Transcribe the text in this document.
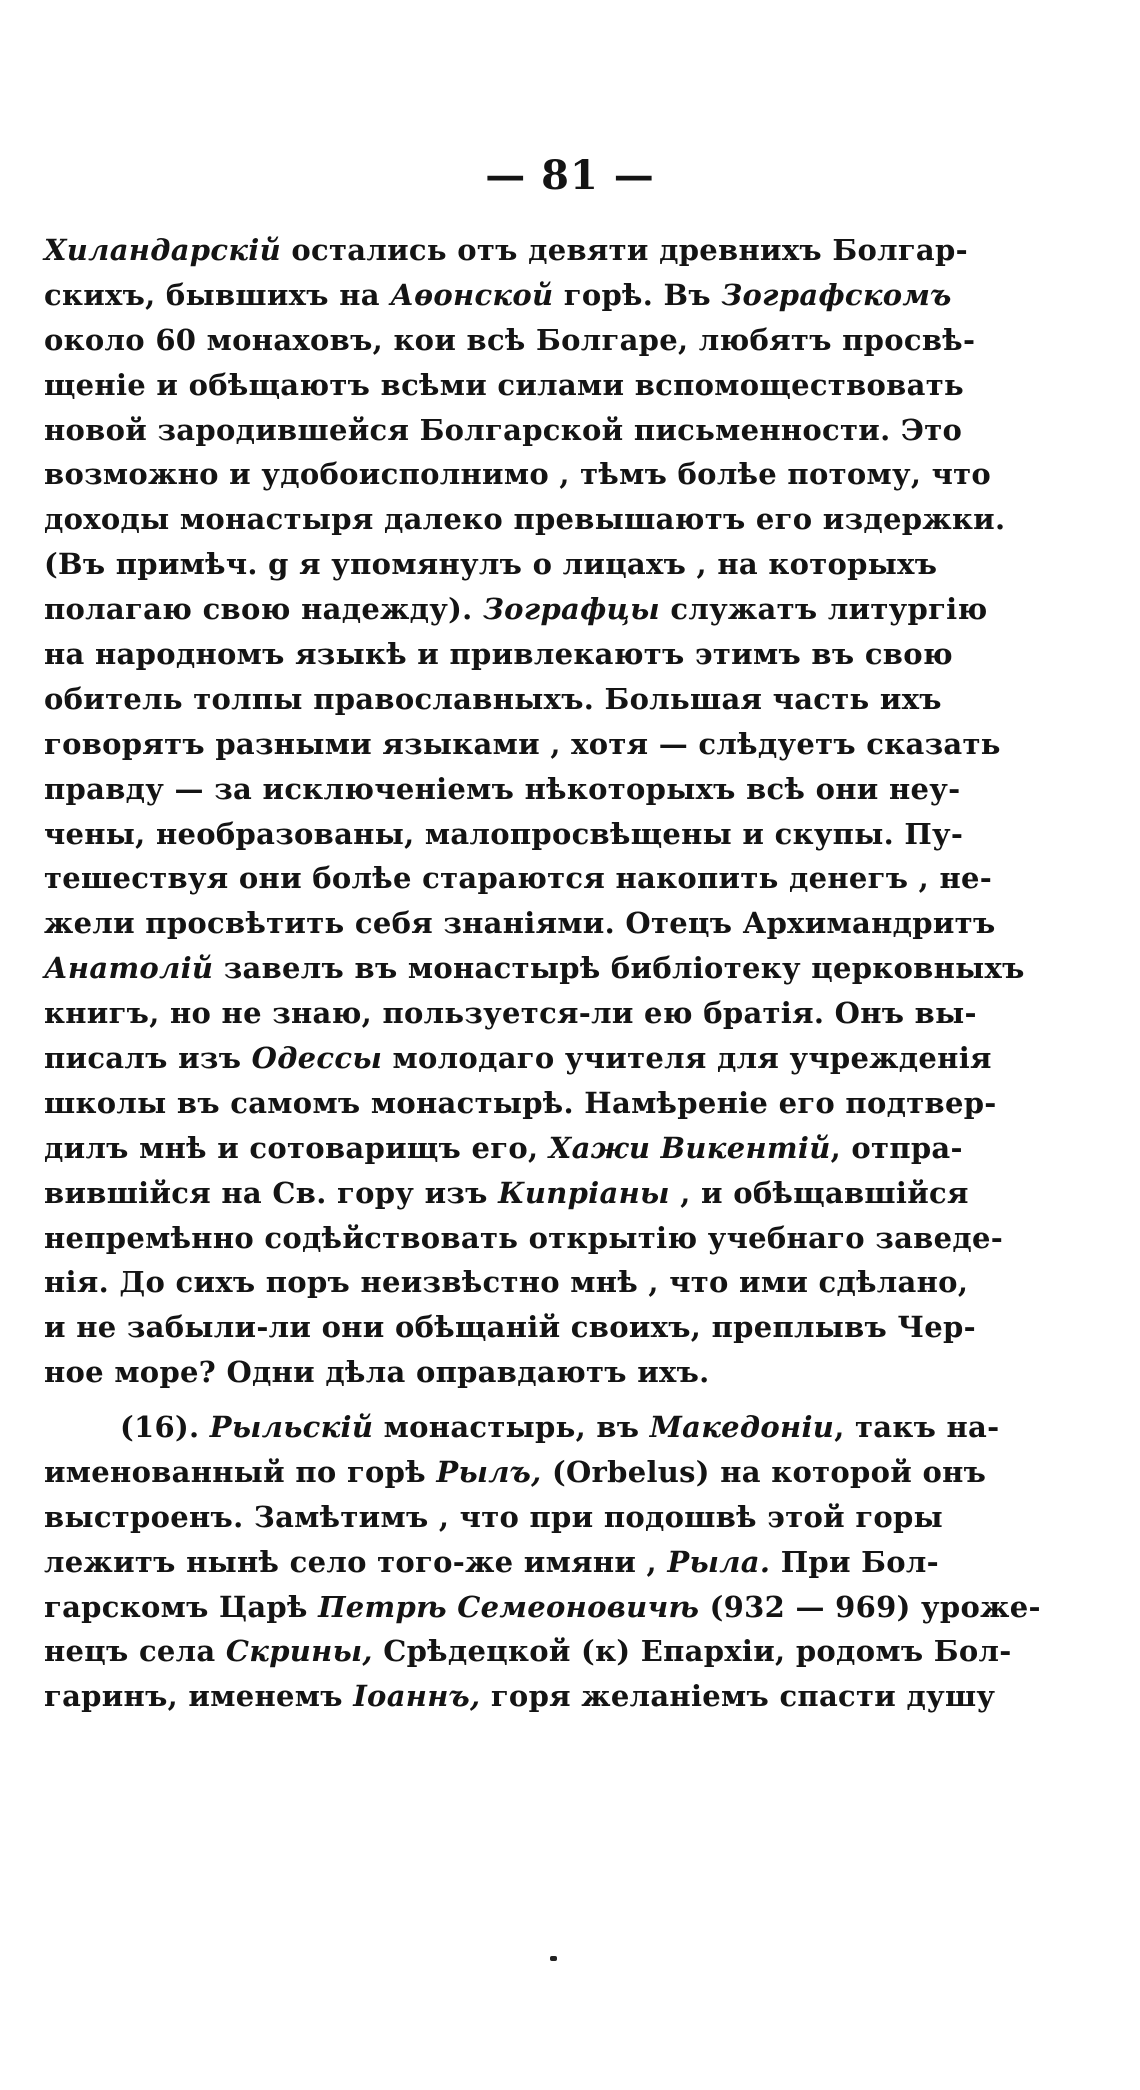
— 81 —
Хиландарскій остались отъ девяти древнихъ Болгар-
скихъ, бывшихъ на Аѳонской горѣ. Въ Зографскомъ
около 60 монаховъ, кои всѣ Болгаре, любятъ просвѣ-
щеніе и обѣщаютъ всѣми силами вспомоществовать
новой зародившейся Болгарской письменности. Это
возможно и удобоисполнимо , тѣмъ болѣе потому, что
доходы монастыря далеко превышаютъ его издержки.
(Въ примѣч. g я упомянулъ о лицахъ , на которыхъ
полагаю свою надежду). Зографцы служатъ литургію
на народномъ языкѣ и привлекаютъ этимъ въ свою
обитель толпы православныхъ. Большая часть ихъ
говорятъ разными языками , хотя — слѣдуетъ сказать
правду — за исключеніемъ нѣкоторыхъ всѣ они неу-
чены, необразованы, малопросвѣщены и скупы. Пу-
тешествуя они болѣе стараются накопить денегъ , не-
жели просвѣтить себя знаніями. Отецъ Архимандритъ
Анатолій завелъ въ монастырѣ библіотеку церковныхъ
книгъ, но не знаю, пользуется-ли ею братія. Онъ вы-
писалъ изъ Одессы молодаго учителя для учрежденія
школы въ самомъ монастырѣ. Намѣреніе его подтвер-
дилъ мнѣ и сотоварищъ его, Хажи Викентій, отпра-
вившійся на Св. гору изъ Кипріаны , и обѣщавшійся
непремѣнно содѣйствовать открытію учебнаго заведе-
нія. До сихъ поръ неизвѣстно мнѣ , что ими сдѣлано,
и не забыли-ли они обѣщаній своихъ, преплывъ Чер-
ное море? Одни дѣла оправдаютъ ихъ.
(16). Рыльскій монастырь, въ Македоніи, такъ на-
именованный по горѣ Рылъ, (Orbelus) на которой онъ
выстроенъ. Замѣтимъ , что при подошвѣ этой горы
лежитъ нынѣ село того-же имяни , Рыла. При Бол-
гарскомъ Царѣ Петрѣ Семеоновичѣ (932 — 969) уроже-
нецъ села Скрины, Срѣдецкой (к) Епархіи, родомъ Бол-
гаринъ, именемъ Іоаннъ, горя желаніемъ спасти душу
